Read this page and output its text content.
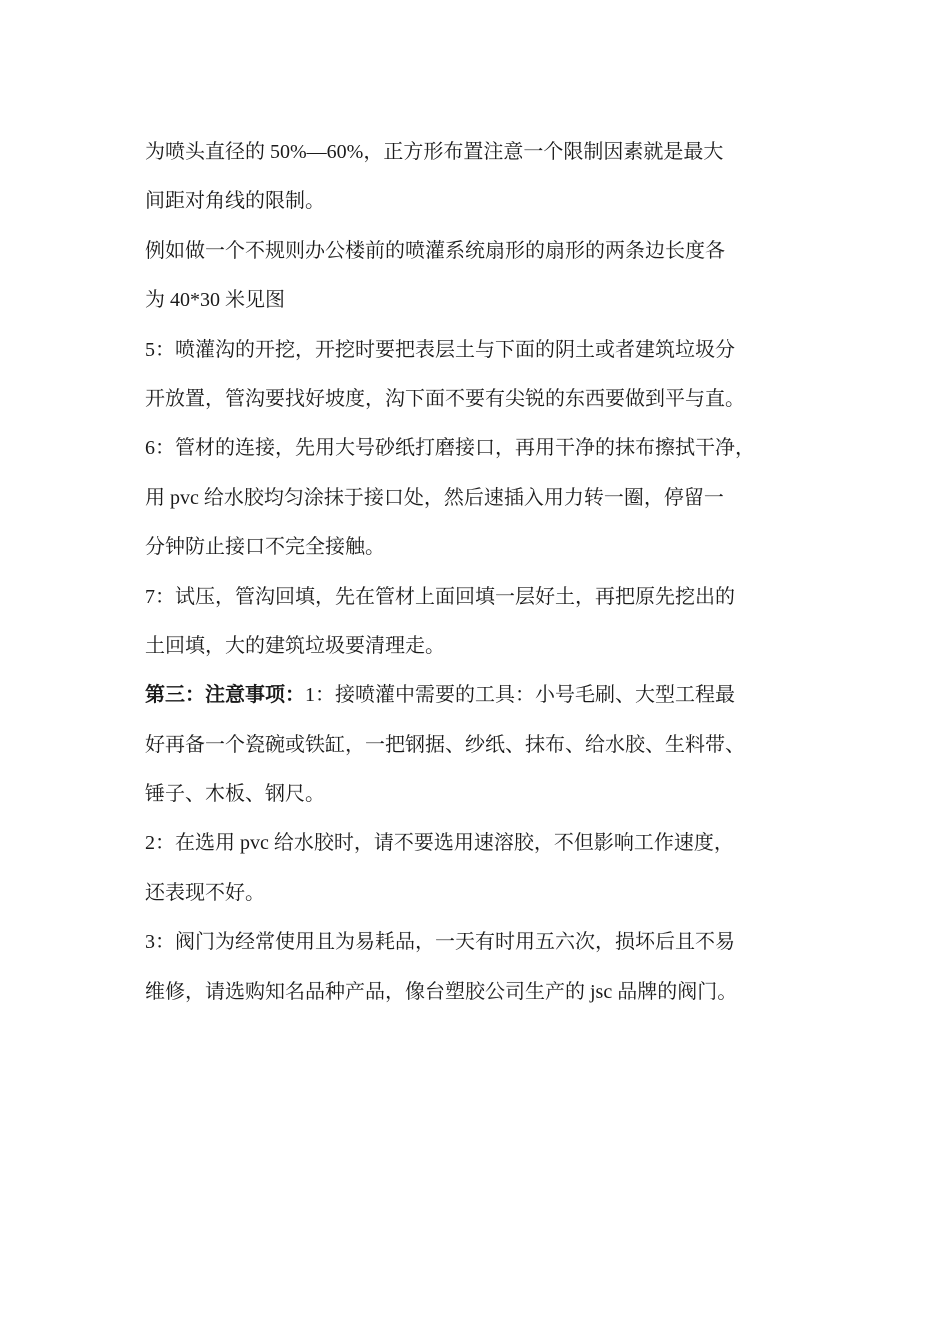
为喷头直径的 50%—60%，正方形布置注意一个限制因素就是最大
间距对角线的限制。
例如做一个不规则办公楼前的喷灌系统扇形的扇形的两条边长度各
为 40*30 米见图
5：喷灌沟的开挖，开挖时要把表层土与下面的阴土或者建筑垃圾分
开放置，管沟要找好坡度，沟下面不要有尖锐的东西要做到平与直。
6：管材的连接，先用大号砂纸打磨接口，再用干净的抹布擦拭干净，
用 pvc 给水胶均匀涂抹于接口处，然后速插入用力转一圈，停留一
分钟防止接口不完全接触。
7：试压，管沟回填，先在管材上面回填一层好土，再把原先挖出的
土回填，大的建筑垃圾要清理走。
第三：注意事项：1：接喷灌中需要的工具：小号毛刷、大型工程最
好再备一个瓷碗或铁缸，一把钢据、纱纸、抹布、给水胶、生料带、
锤子、木板、钢尺。
2：在选用 pvc 给水胶时，请不要选用速溶胶，不但影响工作速度，
还表现不好。
3：阀门为经常使用且为易耗品，一天有时用五六次，损坏后且不易
维修，请选购知名品种产品，像台塑胶公司生产的 jsc 品牌的阀门。
